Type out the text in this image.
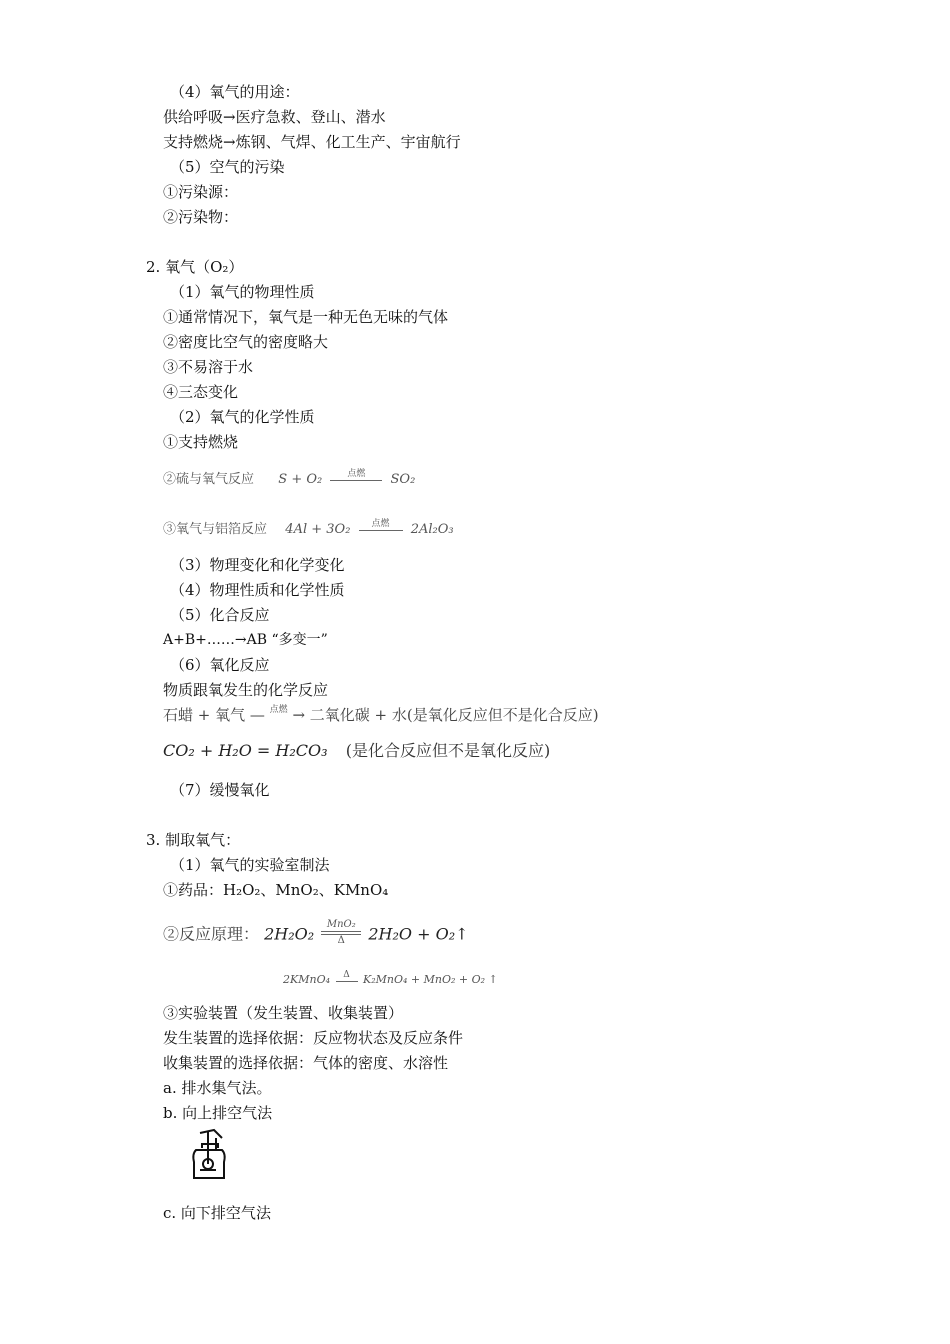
（4）氧气的用途：
供给呼吸→医疗急救、登山、潜水
支持燃烧→炼钢、气焊、化工生产、宇宙航行
（5）空气的污染
①污染源：
②污染物：
2. 氧气（O₂）
（1）氧气的物理性质
①通常情况下，氧气是一种无色无味的气体
②密度比空气的密度略大
③不易溶于水
④三态变化
（2）氧气的化学性质
①支持燃烧
②硫与氧气反应 S + O₂	点燃	SO₂
③氧气与铝箔反应 4Al + 3O₂	点燃	2Al₂O₃
（3）物理变化和化学变化
（4）物理性质和化学性质
（5）化合反应
A+B+……→AB “多变一”
（6）氧化反应
物质跟氧发生的化学反应
石蜡 + 氧气 — 点燃 → 二氧化碳 + 水(是氧化反应但不是化合反应)
CO₂ + H₂O = H₂CO₃ (是化合反应但不是氧化反应)
（7）缓慢氧化
3. 制取氧气：
（1）氧气的实验室制法
①药品：H₂O₂、MnO₂、KMnO₄
②反应原理： 2H₂O₂	MnO₂
Δ	2H₂O + O₂↑
2KMnO₄	Δ	K₂MnO₄ + MnO₂ + O₂ ↑
③实验装置（发生装置、收集装置）
发生装置的选择依据：反应物状态及反应条件
收集装置的选择依据：气体的密度、水溶性
a. 排水集气法。
b. 向上排空气法
c. 向下排空气法
